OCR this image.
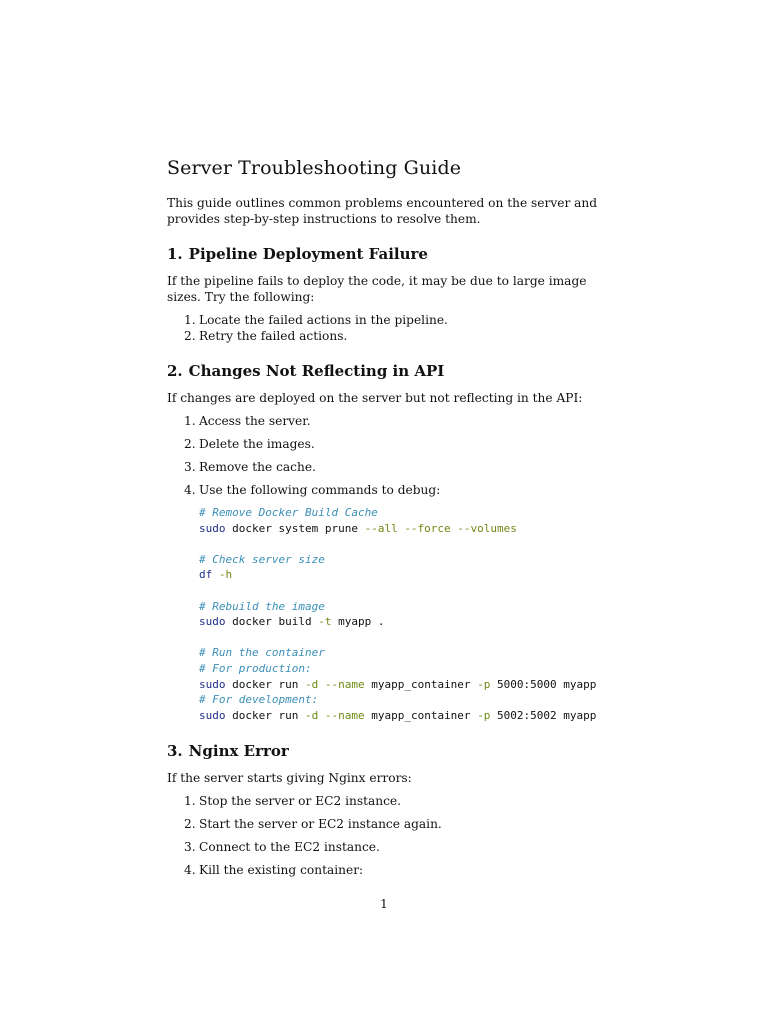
Server Troubleshooting Guide

This guide outlines common problems encountered on the server and provides step-by-step instructions to resolve them.

1. Pipeline Deployment Failure

If the pipeline fails to deploy the code, it may be due to large image sizes. Try the following:

1. Locate the failed actions in the pipeline.
2. Retry the failed actions.
2. Changes Not Reflecting in API

If changes are deployed on the server but not reflecting in the API:

1. Access the server.
2. Delete the images.
3. Remove the cache.
4. Use the following commands to debug:
# Remove Docker Build Cache
sudo docker system prune --all --force --volumes
# Check server size
df -h
# Rebuild the image
sudo docker build -t myapp .
# Run the container
# For production:
sudo docker run -d --name myapp_container -p 5000:5000 myapp
# For development:
sudo docker run -d --name myapp_container -p 5002:5002 myapp
3. Nginx Error

If the server starts giving Nginx errors:

1. Stop the server or EC2 instance.
2. Start the server or EC2 instance again.
3. Connect to the EC2 instance.
4. Kill the existing container:
1
